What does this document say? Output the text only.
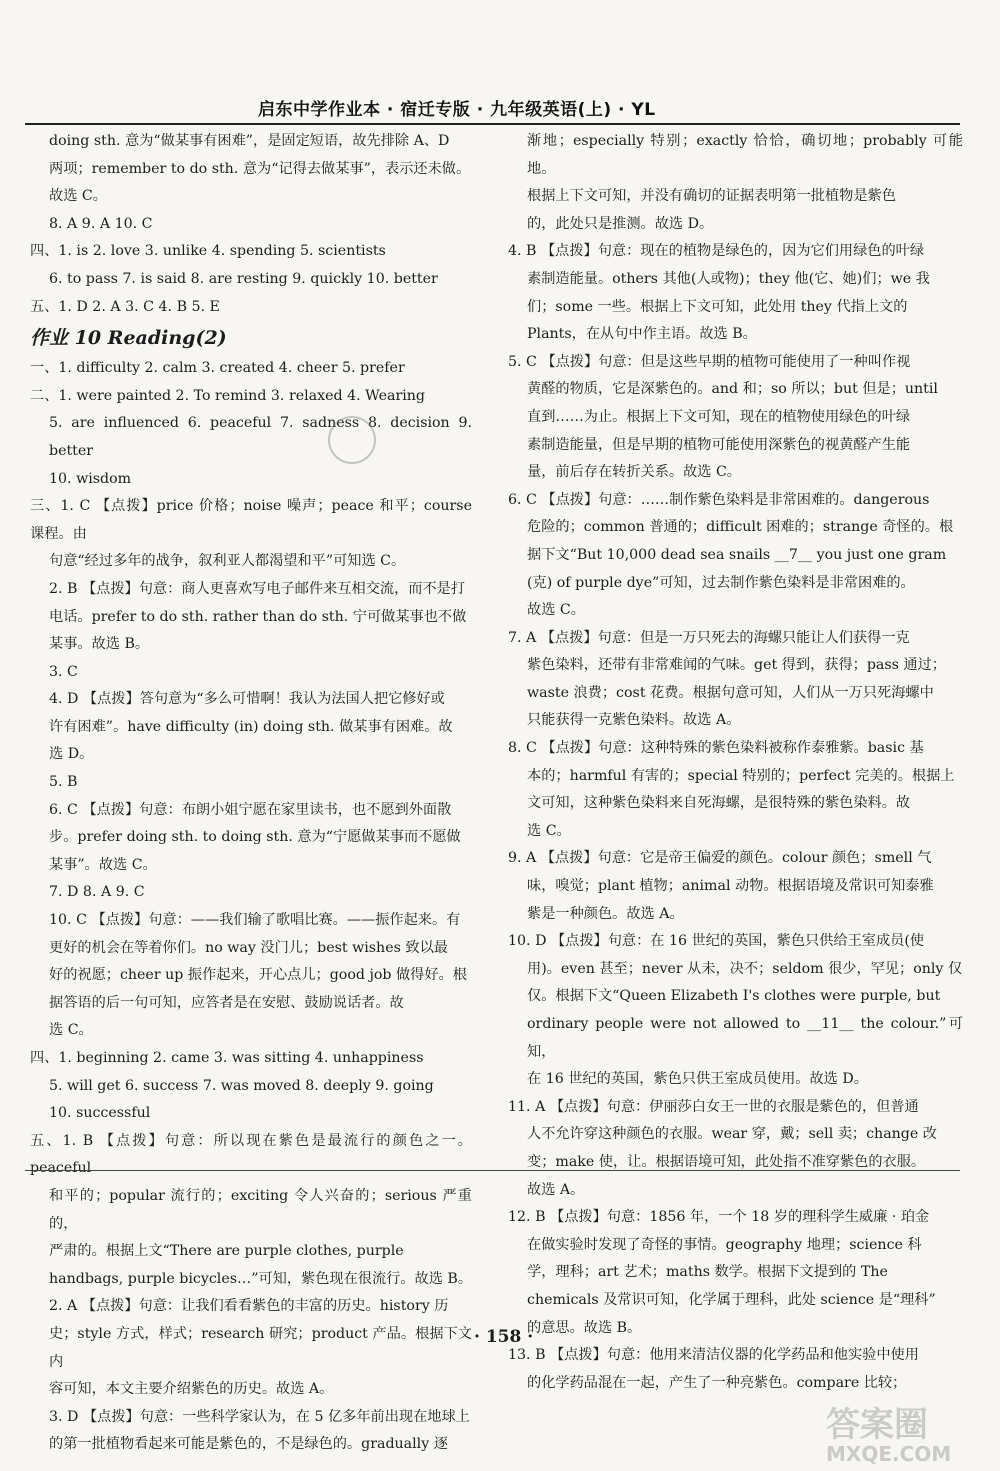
启东中学作业本 · 宿迁专版 · 九年级英语(上) · YL

doing sth. 意为“做某事有困难”，是固定短语，故先排除 A、D

两项；remember to do sth. 意为“记得去做某事”，表示还未做。

故选 C。

8. A 9. A 10. C

四、1. is 2. love 3. unlike 4. spending 5. scientists

6. to pass 7. is said 8. are resting 9. quickly 10. better

五、1. D 2. A 3. C 4. B 5. E

作业 10 Reading(2)

一、1. difficulty 2. calm 3. created 4. cheer 5. prefer

二、1. were painted 2. To remind 3. relaxed 4. Wearing

5. are influenced 6. peaceful 7. sadness 8. decision 9. better

10. wisdom

三、1. C 【点拨】price 价格；noise 噪声；peace 和平；course 课程。由

句意“经过多年的战争，叙利亚人都渴望和平”可知选 C。

2. B 【点拨】句意：商人更喜欢写电子邮件来互相交流，而不是打

电话。prefer to do sth. rather than do sth. 宁可做某事也不做

某事。故选 B。

3. C

4. D 【点拨】答句意为“多么可惜啊！我认为法国人把它修好或

许有困难”。have difficulty (in) doing sth. 做某事有困难。故

选 D。

5. B

6. C 【点拨】句意：布朗小姐宁愿在家里读书，也不愿到外面散

步。prefer doing sth. to doing sth. 意为“宁愿做某事而不愿做

某事”。故选 C。

7. D 8. A 9. C

10. C 【点拨】句意：——我们输了歌唱比赛。——振作起来。有

更好的机会在等着你们。no way 没门儿；best wishes 致以最

好的祝愿；cheer up 振作起来，开心点儿；good job 做得好。根

据答语的后一句可知，应答者是在安慰、鼓励说话者。故

选 C。

四、1. beginning 2. came 3. was sitting 4. unhappiness

5. will get 6. success 7. was moved 8. deeply 9. going

10. successful

五、1. B 【点拨】句意：所以现在紫色是最流行的颜色之一。peaceful

和平的；popular 流行的；exciting 令人兴奋的；serious 严重的，

严肃的。根据上文“There are purple clothes, purple

handbags, purple bicycles…”可知，紫色现在很流行。故选 B。

2. A 【点拨】句意：让我们看看紫色的丰富的历史。history 历

史；style 方式，样式；research 研究；product 产品。根据下文内

容可知，本文主要介绍紫色的历史。故选 A。

3. D 【点拨】句意：一些科学家认为，在 5 亿多年前出现在地球上

的第一批植物看起来可能是紫色的，不是绿色的。gradually 逐

渐地；especially 特别；exactly 恰恰，确切地；probably 可能地。

根据上下文可知，并没有确切的证据表明第一批植物是紫色

的，此处只是推测。故选 D。

4. B 【点拨】句意：现在的植物是绿色的，因为它们用绿色的叶绿

素制造能量。others 其他(人或物)；they 他(它、她)们；we 我

们；some 一些。根据上下文可知，此处用 they 代指上文的

Plants，在从句中作主语。故选 B。

5. C 【点拨】句意：但是这些早期的植物可能使用了一种叫作视

黄醛的物质，它是深紫色的。and 和；so 所以；but 但是；until

直到……为止。根据上下文可知，现在的植物使用绿色的叶绿

素制造能量，但是早期的植物可能使用深紫色的视黄醛产生能

量，前后存在转折关系。故选 C。

6. C 【点拨】句意：……制作紫色染料是非常困难的。dangerous

危险的；common 普通的；difficult 困难的；strange 奇怪的。根

据下文“But 10,000 dead sea snails __7__ you just one gram

(克) of purple dye”可知，过去制作紫色染料是非常困难的。

故选 C。

7. A 【点拨】句意：但是一万只死去的海螺只能让人们获得一克

紫色染料，还带有非常难闻的气味。get 得到，获得；pass 通过；

waste 浪费；cost 花费。根据句意可知，人们从一万只死海螺中

只能获得一克紫色染料。故选 A。

8. C 【点拨】句意：这种特殊的紫色染料被称作泰雅紫。basic 基

本的；harmful 有害的；special 特别的；perfect 完美的。根据上

文可知，这种紫色染料来自死海螺，是很特殊的紫色染料。故

选 C。

9. A 【点拨】句意：它是帝王偏爱的颜色。colour 颜色；smell 气

味，嗅觉；plant 植物；animal 动物。根据语境及常识可知泰雅

紫是一种颜色。故选 A。

10. D 【点拨】句意：在 16 世纪的英国，紫色只供给王室成员(使

用)。even 甚至；never 从未，决不；seldom 很少，罕见；only 仅

仅。根据下文“Queen Elizabeth Ⅰ's clothes were purple, but

ordinary people were not allowed to __11__ the colour.”可知，

在 16 世纪的英国，紫色只供王室成员使用。故选 D。

11. A 【点拨】句意：伊丽莎白女王一世的衣服是紫色的，但普通

人不允许穿这种颜色的衣服。wear 穿，戴；sell 卖；change 改

变；make 使，让。根据语境可知，此处指不准穿紫色的衣服。

故选 A。

12. B 【点拨】句意：1856 年，一个 18 岁的理科学生威廉 · 珀金

在做实验时发现了奇怪的事情。geography 地理；science 科

学，理科；art 艺术；maths 数学。根据下文提到的 The

chemicals 及常识可知，化学属于理科，此处 science 是“理科”

的意思。故选 B。

13. B 【点拨】句意：他用来清洁仪器的化学药品和他实验中使用

的化学药品混在一起，产生了一种亮紫色。compare 比较；

· 158 ·
答案圈
MXQE.COM
